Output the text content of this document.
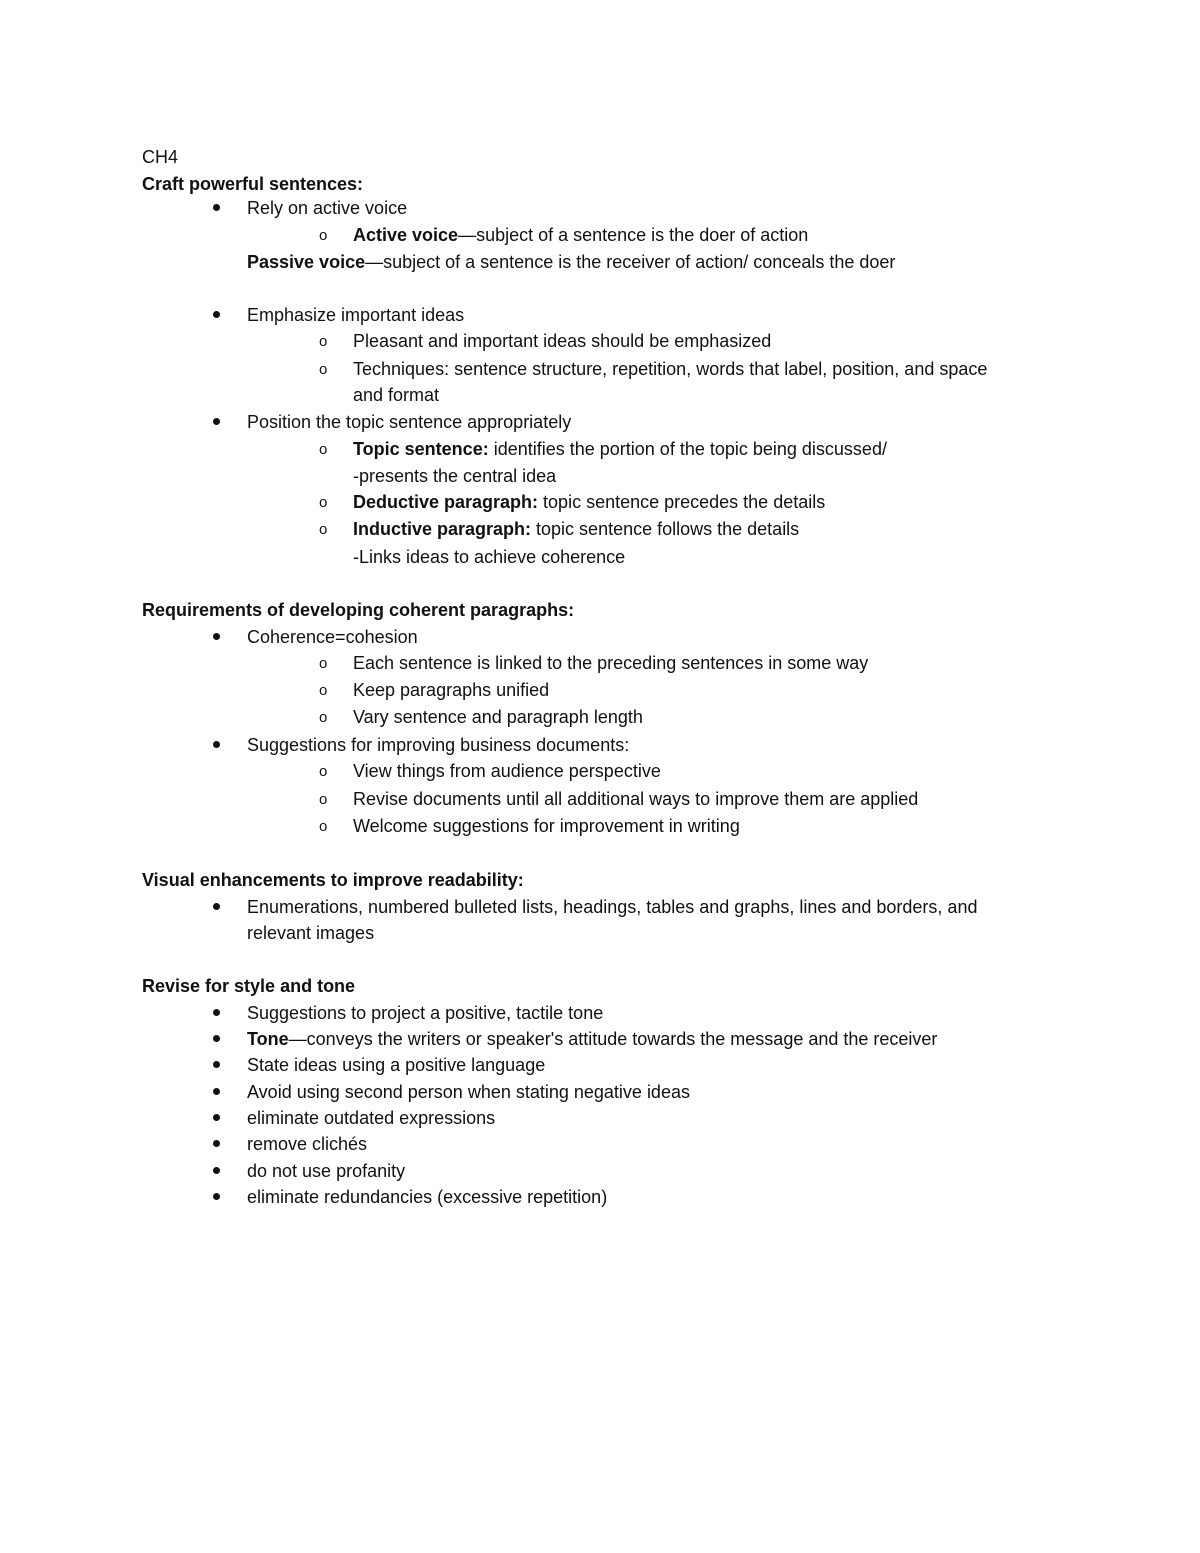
CH4
Craft powerful sentences:
Rely on active voice
o Active voice—subject of a sentence is the doer of action
Passive voice—subject of a sentence is the receiver of action/ conceals the doer
Emphasize important ideas
o Pleasant and important ideas should be emphasized
o Techniques: sentence structure, repetition, words that label, position, and space
and format
Position the topic sentence appropriately
o Topic sentence: identifies the portion of the topic being discussed/
-presents the central idea
o Deductive paragraph: topic sentence precedes the details
o Inductive paragraph: topic sentence follows the details
-Links ideas to achieve coherence
Requirements of developing coherent paragraphs:
Coherence=cohesion
o Each sentence is linked to the preceding sentences in some way
o Keep paragraphs unified
o Vary sentence and paragraph length
Suggestions for improving business documents:
o View things from audience perspective
o Revise documents until all additional ways to improve them are applied
o Welcome suggestions for improvement in writing
Visual enhancements to improve readability:
Enumerations, numbered bulleted lists, headings, tables and graphs, lines and borders, and
relevant images
Revise for style and tone
Suggestions to project a positive, tactile tone
Tone—conveys the writers or speaker's attitude towards the message and the receiver
State ideas using a positive language
Avoid using second person when stating negative ideas
eliminate outdated expressions
remove clichés
do not use profanity
eliminate redundancies (excessive repetition)
